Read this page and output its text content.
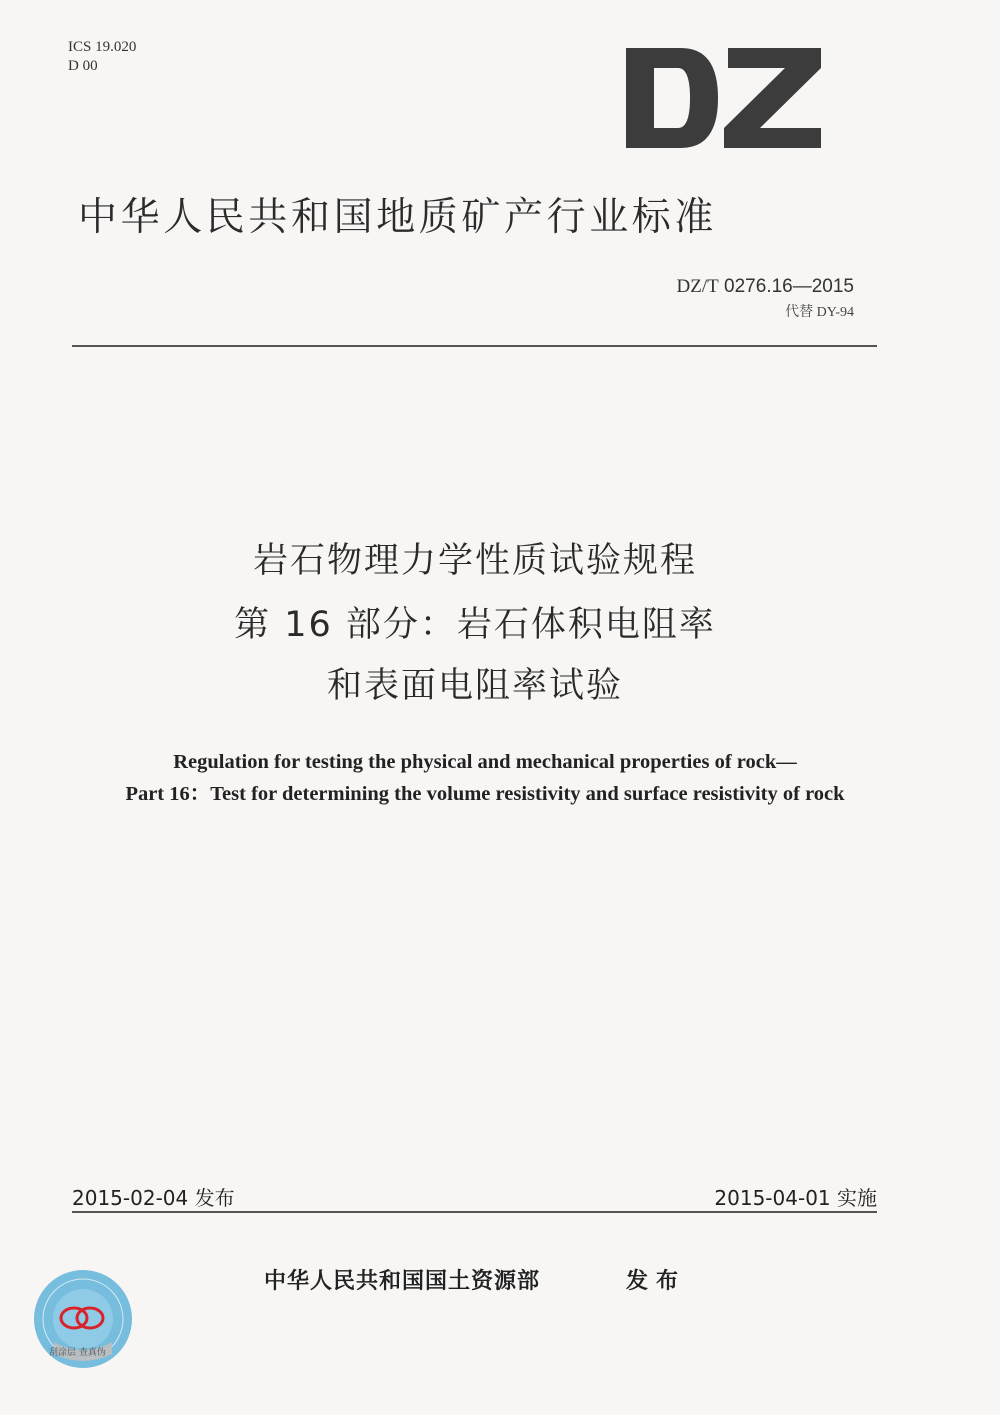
ICS 19.020
D 00
中华人民共和国地质矿产行业标准
DZ/T 0276.16—2015
代替 DY-94
岩石物理力学性质试验规程
第 16 部分：岩石体积电阻率
和表面电阻率试验
Regulation for testing the physical and mechanical properties of rock—
Part 16：Test for determining the volume resistivity and surface resistivity of rock
2015-02-04 发布	2015-04-01 实施
中华人民共和国国土资源部	发布
刮涂层 查真伪
